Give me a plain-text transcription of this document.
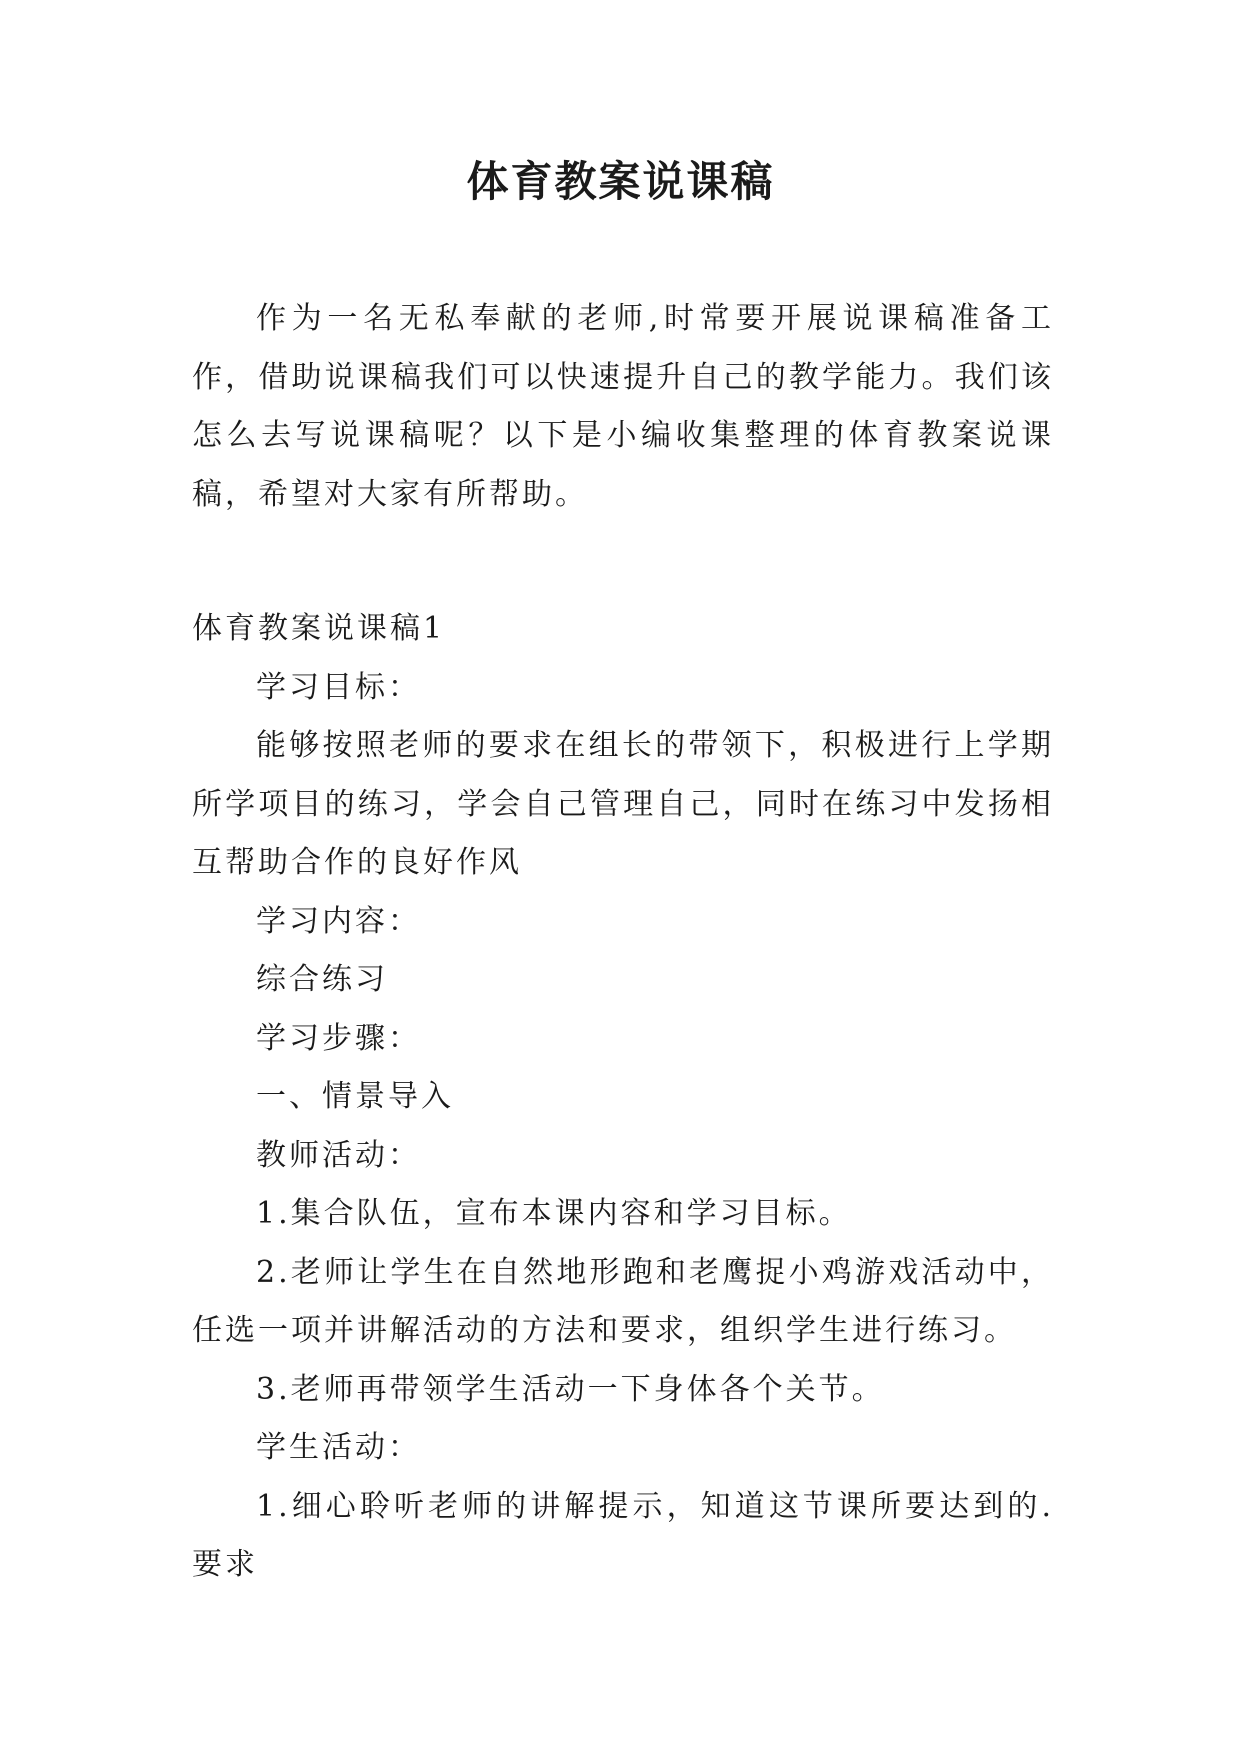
体育教案说课稿

作为一名无私奉献的老师,时常要开展说课稿准备工作，借助说课稿我们可以快速提升自己的教学能力。我们该怎么去写说课稿呢？以下是小编收集整理的体育教案说课稿，希望对大家有所帮助。

体育教案说课稿1

学习目标：

能够按照老师的要求在组长的带领下，积极进行上学期所学项目的练习，学会自己管理自己，同时在练习中发扬相互帮助合作的良好作风

学习内容：

综合练习

学习步骤：

一、情景导入

教师活动：

1.集合队伍，宣布本课内容和学习目标。

2.老师让学生在自然地形跑和老鹰捉小鸡游戏活动中，任选一项并讲解活动的方法和要求，组织学生进行练习。

3.老师再带领学生活动一下身体各个关节。

学生活动：

1.细心聆听老师的讲解提示，知道这节课所要达到的.要求
